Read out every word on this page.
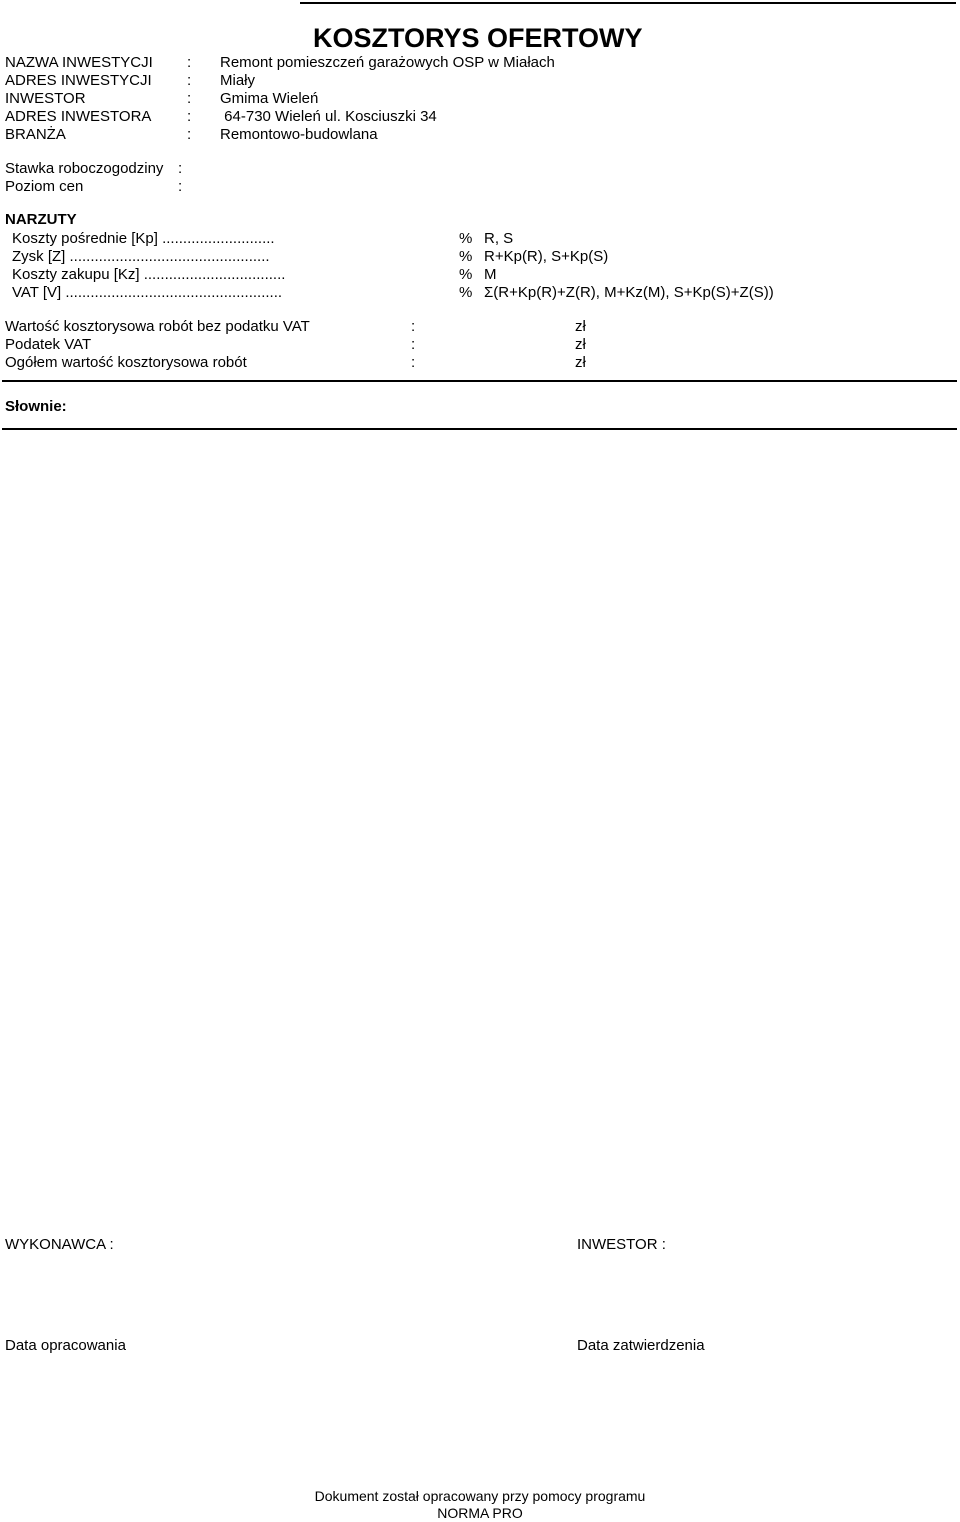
KOSZTORYS OFERTOWY
NAZWA INWESTYCJI : Remont pomieszczeń garażowych OSP w Miałach
ADRES INWESTYCJI : Miały
INWESTOR	: Gmima Wieleń
ADRES INWESTORA : 64-730 Wieleń ul. Kosciuszki 34
BRANŻA	: Remontowo-budowlana
Stawka roboczogodziny :
Poziom cen	:
NARZUTY
Koszty pośrednie [Kp] ...........................	% R, S
Zysk [Z] ................................................	% R+Kp(R), S+Kp(S)
Koszty zakupu [Kz] ..................................	% M
VAT [V] ....................................................	% Σ(R+Kp(R)+Z(R), M+Kz(M), S+Kp(S)+Z(S))
Wartość kosztorysowa robót bez podatku VAT	:	zł
Podatek VAT	:	zł
Ogółem wartość kosztorysowa robót	:	zł
Słownie:
WYKONAWCA :	INWESTOR :
Data opracowania	Data zatwierdzenia
Dokument został opracowany przy pomocy programu
NORMA PRO
